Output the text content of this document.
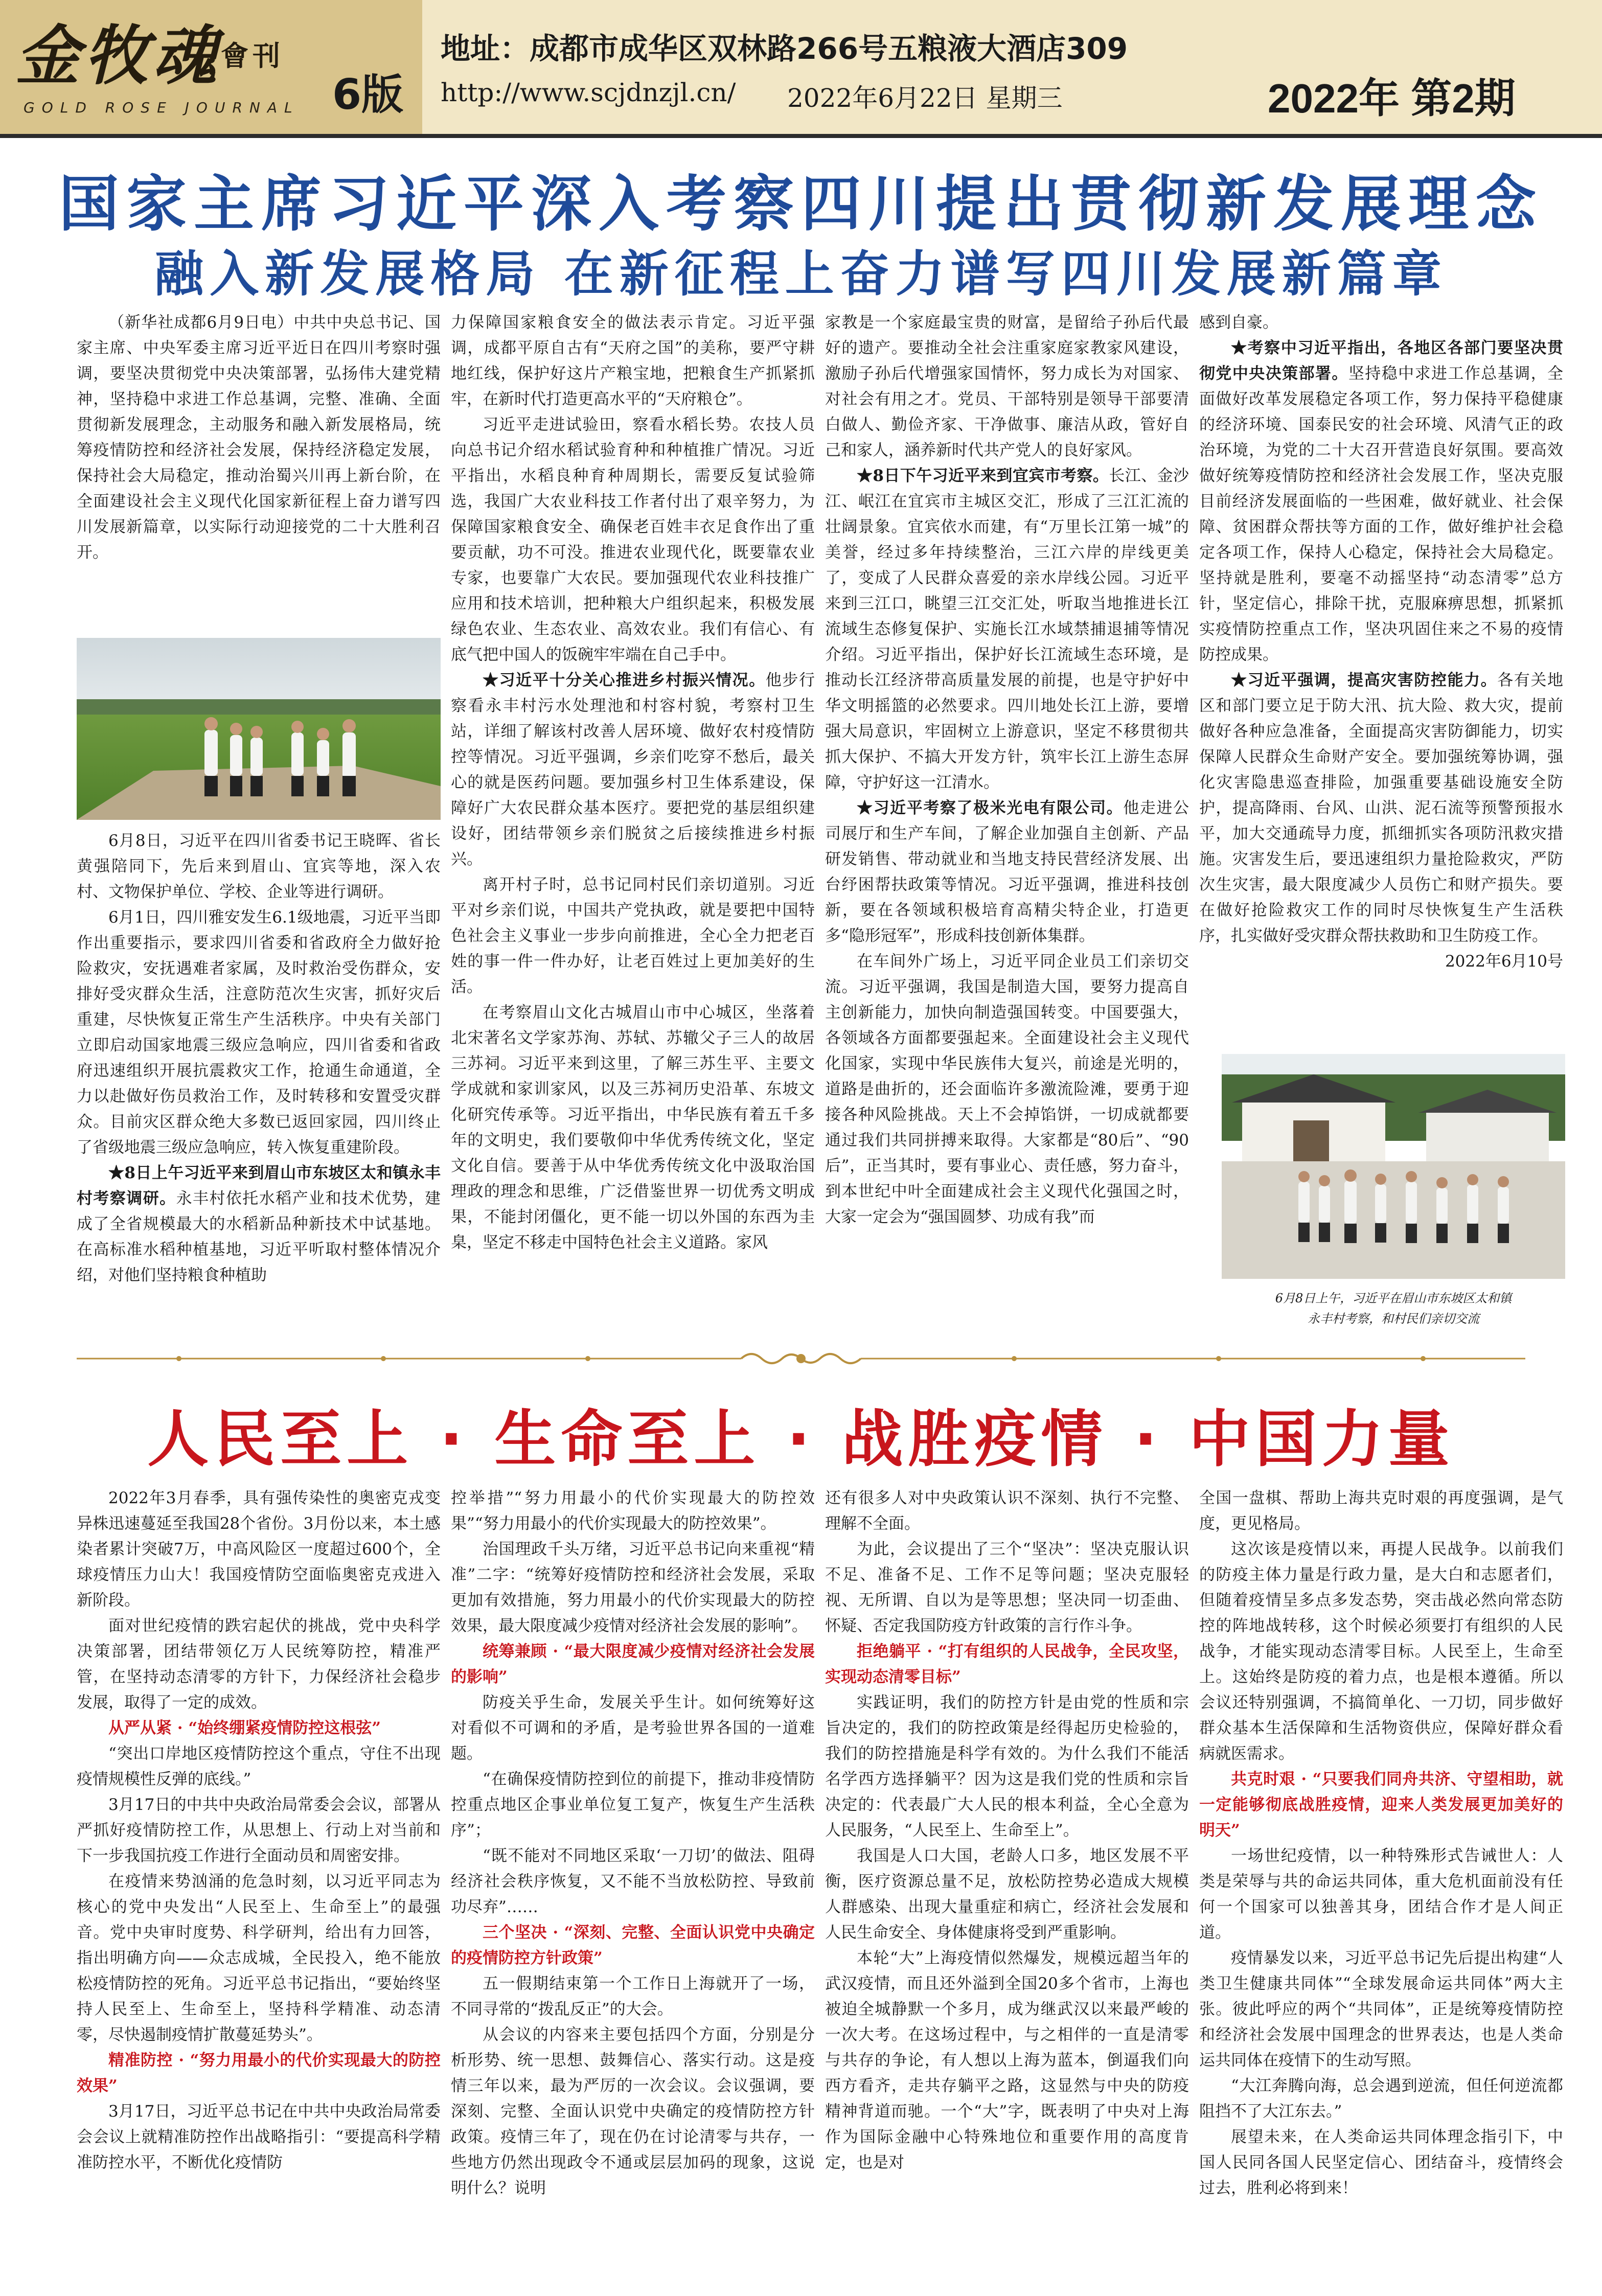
金牧魂$^{會刊}$
GOLD ROSE JOURNAL 6版
地址：成都市成华区双林路266号五粮液大酒店309
http://www.scjdnzjl.cn/ 2022年6月22日 星期三	2022年 第2期
国家主席习近平深入考察四川提出贯彻新发展理念
融入新发展格局 在新征程上奋力谱写四川发展新篇章

（新华社成都6月9日电）中共中央总书记、国家主席、中央军委主席习近平近日在四川考察时强调，要坚决贯彻党中央决策部署，弘扬伟大建党精神，坚持稳中求进工作总基调，完整、准确、全面贯彻新发展理念，主动服务和融入新发展格局，统筹疫情防控和经济社会发展，保持经济稳定发展，保持社会大局稳定，推动治蜀兴川再上新台阶，在全面建设社会主义现代化国家新征程上奋力谱写四川发展新篇章，以实际行动迎接党的二十大胜利召开。

6月8日，习近平在四川省委书记王晓晖、省长黄强陪同下，先后来到眉山、宜宾等地，深入农村、文物保护单位、学校、企业等进行调研。

6月1日，四川雅安发生6.1级地震，习近平当即作出重要指示，要求四川省委和省政府全力做好抢险救灾，安抚遇难者家属，及时救治受伤群众，安排好受灾群众生活，注意防范次生灾害，抓好灾后重建，尽快恢复正常生产生活秩序。中央有关部门立即启动国家地震三级应急响应，四川省委和省政府迅速组织开展抗震救灾工作，抢通生命通道，全力以赴做好伤员救治工作，及时转移和安置受灾群众。目前灾区群众绝大多数已返回家园，四川终止了省级地震三级应急响应，转入恢复重建阶段。

★8日上午习近平来到眉山市东坡区太和镇永丰村考察调研。永丰村依托水稻产业和技术优势，建成了全省规模最大的水稻新品种新技术中试基地。在高标准水稻种植基地，习近平听取村整体情况介绍，对他们坚持粮食种植助

力保障国家粮食安全的做法表示肯定。习近平强调，成都平原自古有“天府之国”的美称，要严守耕地红线，保护好这片产粮宝地，把粮食生产抓紧抓牢，在新时代打造更高水平的“天府粮仓”。

习近平走进试验田，察看水稻长势。农技人员向总书记介绍水稻试验育种和种植推广情况。习近平指出，水稻良种育种周期长，需要反复试验筛选，我国广大农业科技工作者付出了艰辛努力，为保障国家粮食安全、确保老百姓丰衣足食作出了重要贡献，功不可没。推进农业现代化，既要靠农业专家，也要靠广大农民。要加强现代农业科技推广应用和技术培训，把种粮大户组织起来，积极发展绿色农业、生态农业、高效农业。我们有信心、有底气把中国人的饭碗牢牢端在自己手中。

★习近平十分关心推进乡村振兴情况。他步行察看永丰村污水处理池和村容村貌，考察村卫生站，详细了解该村改善人居环境、做好农村疫情防控等情况。习近平强调，乡亲们吃穿不愁后，最关心的就是医药问题。要加强乡村卫生体系建设，保障好广大农民群众基本医疗。要把党的基层组织建设好，团结带领乡亲们脱贫之后接续推进乡村振兴。

离开村子时，总书记同村民们亲切道别。习近平对乡亲们说，中国共产党执政，就是要把中国特色社会主义事业一步步向前推进，全心全力把老百姓的事一件一件办好，让老百姓过上更加美好的生活。

在考察眉山文化古城眉山市中心城区，坐落着北宋著名文学家苏洵、苏轼、苏辙父子三人的故居三苏祠。习近平来到这里，了解三苏生平、主要文学成就和家训家风，以及三苏祠历史沿革、东坡文化研究传承等。习近平指出，中华民族有着五千多年的文明史，我们要敬仰中华优秀传统文化，坚定文化自信。要善于从中华优秀传统文化中汲取治国理政的理念和思维，广泛借鉴世界一切优秀文明成果，不能封闭僵化，更不能一切以外国的东西为圭臬，坚定不移走中国特色社会主义道路。家风

家教是一个家庭最宝贵的财富，是留给子孙后代最好的遗产。要推动全社会注重家庭家教家风建设，激励子孙后代增强家国情怀，努力成长为对国家、对社会有用之才。党员、干部特别是领导干部要清白做人、勤俭齐家、干净做事、廉洁从政，管好自己和家人，涵养新时代共产党人的良好家风。

★8日下午习近平来到宜宾市考察。长江、金沙江、岷江在宜宾市主城区交汇，形成了三江汇流的壮阔景象。宜宾依水而建，有“万里长江第一城”的美誉，经过多年持续整治，三江六岸的岸线更美了，变成了人民群众喜爱的亲水岸线公园。习近平来到三江口，眺望三江交汇处，听取当地推进长江流域生态修复保护、实施长江水域禁捕退捕等情况介绍。习近平指出，保护好长江流域生态环境，是推动长江经济带高质量发展的前提，也是守护好中华文明摇篮的必然要求。四川地处长江上游，要增强大局意识，牢固树立上游意识，坚定不移贯彻共抓大保护、不搞大开发方针，筑牢长江上游生态屏障，守护好这一江清水。

★习近平考察了极米光电有限公司。他走进公司展厅和生产车间，了解企业加强自主创新、产品研发销售、带动就业和当地支持民营经济发展、出台纾困帮扶政策等情况。习近平强调，推进科技创新，要在各领域积极培育高精尖特企业，打造更多“隐形冠军”，形成科技创新体集群。

在车间外广场上，习近平同企业员工们亲切交流。习近平强调，我国是制造大国，要努力提高自主创新能力，加快向制造强国转变。中国要强大，各领域各方面都要强起来。全面建设社会主义现代化国家，实现中华民族伟大复兴，前途是光明的，道路是曲折的，还会面临许多激流险滩，要勇于迎接各种风险挑战。天上不会掉馅饼，一切成就都要通过我们共同拼搏来取得。大家都是“80后”、“90后”，正当其时，要有事业心、责任感，努力奋斗，到本世纪中叶全面建成社会主义现代化强国之时，大家一定会为“强国圆梦、功成有我”而

感到自豪。

★考察中习近平指出，各地区各部门要坚决贯彻党中央决策部署。坚持稳中求进工作总基调，全面做好改革发展稳定各项工作，努力保持平稳健康的经济环境、国泰民安的社会环境、风清气正的政治环境，为党的二十大召开营造良好氛围。要高效做好统筹疫情防控和经济社会发展工作，坚决克服目前经济发展面临的一些困难，做好就业、社会保障、贫困群众帮扶等方面的工作，做好维护社会稳定各项工作，保持人心稳定，保持社会大局稳定。坚持就是胜利，要毫不动摇坚持“动态清零”总方针，坚定信心，排除干扰，克服麻痹思想，抓紧抓实疫情防控重点工作，坚决巩固住来之不易的疫情防控成果。

★习近平强调，提高灾害防控能力。各有关地区和部门要立足于防大汛、抗大险、救大灾，提前做好各种应急准备，全面提高灾害防御能力，切实保障人民群众生命财产安全。要加强统筹协调，强化灾害隐患巡查排险，加强重要基础设施安全防护，提高降雨、台风、山洪、泥石流等预警预报水平，加大交通疏导力度，抓细抓实各项防汛救灾措施。灾害发生后，要迅速组织力量抢险救灾，严防次生灾害，最大限度减少人员伤亡和财产损失。要在做好抢险救灾工作的同时尽快恢复生产生活秩序，扎实做好受灾群众帮扶救助和卫生防疫工作。

2022年6月10号

6月8日上午，习近平在眉山市东坡区太和镇
永丰村考察，和村民们亲切交流
人民至上 · 生命至上 · 战胜疫情 · 中国力量

2022年3月春季，具有强传染性的奥密克戎变异株迅速蔓延至我国28个省份。3月份以来，本土感染者累计突破7万，中高风险区一度超过600个，全球疫情压力山大！我国疫情防空面临奥密克戎进入新阶段。

面对世纪疫情的跌宕起伏的挑战，党中央科学决策部署，团结带领亿万人民统筹防控，精准严管，在坚持动态清零的方针下，力保经济社会稳步发展，取得了一定的成效。

从严从紧 · “始终绷紧疫情防控这根弦”

“突出口岸地区疫情防控这个重点，守住不出现疫情规模性反弹的底线。”

3月17日的中共中央政治局常委会会议，部署从严抓好疫情防控工作，从思想上、行动上对当前和下一步我国抗疫工作进行全面动员和周密安排。

在疫情来势汹涌的危急时刻，以习近平同志为核心的党中央发出“人民至上、生命至上”的最强音。党中央审时度势、科学研判，给出有力回答，指出明确方向——众志成城，全民投入，绝不能放松疫情防控的死角。习近平总书记指出，“要始终坚持人民至上、生命至上，坚持科学精准、动态清零，尽快遏制疫情扩散蔓延势头”。

精准防控 · “努力用最小的代价实现最大的防控效果”

3月17日，习近平总书记在中共中央政治局常委会会议上就精准防控作出战略指引：“要提高科学精准防控水平，不断优化疫情防

控举措”“努力用最小的代价实现最大的防控效果”“努力用最小的代价实现最大的防控效果”。

治国理政千头万绪，习近平总书记向来重视“精准”二字：“统筹好疫情防控和经济社会发展，采取更加有效措施，努力用最小的代价实现最大的防控效果，最大限度减少疫情对经济社会发展的影响”。

统筹兼顾 · “最大限度减少疫情对经济社会发展的影响”

防疫关乎生命，发展关乎生计。如何统筹好这对看似不可调和的矛盾，是考验世界各国的一道难题。

“在确保疫情防控到位的前提下，推动非疫情防控重点地区企事业单位复工复产，恢复生产生活秩序”；

“既不能对不同地区采取‘一刀切’的做法、阻碍经济社会秩序恢复，又不能不当放松防控、导致前功尽弃”……

三个坚决 · “深刻、完整、全面认识党中央确定的疫情防控方针政策”

五一假期结束第一个工作日上海就开了一场，不同寻常的“拨乱反正”的大会。

从会议的内容来主要包括四个方面，分别是分析形势、统一思想、鼓舞信心、落实行动。这是疫情三年以来，最为严厉的一次会议。会议强调，要深刻、完整、全面认识党中央确定的疫情防控方针政策。疫情三年了，现在仍在讨论清零与共存，一些地方仍然出现政令不通或层层加码的现象，这说明什么？说明

还有很多人对中央政策认识不深刻、执行不完整、理解不全面。

为此，会议提出了三个“坚决”：坚决克服认识不足、准备不足、工作不足等问题；坚决克服轻视、无所谓、自以为是等思想；坚决同一切歪曲、怀疑、否定我国防疫方针政策的言行作斗争。

拒绝躺平 · “打有组织的人民战争，全民攻坚，实现动态清零目标”

实践证明，我们的防控方针是由党的性质和宗旨决定的，我们的防控政策是经得起历史检验的，我们的防控措施是科学有效的。为什么我们不能活名学西方选择躺平？因为这是我们党的性质和宗旨决定的：代表最广大人民的根本利益，全心全意为人民服务，“人民至上、生命至上”。

我国是人口大国，老龄人口多，地区发展不平衡，医疗资源总量不足，放松防控势必造成大规模人群感染、出现大量重症和病亡，经济社会发展和人民生命安全、身体健康将受到严重影响。

本轮“大”上海疫情似然爆发，规模远超当年的武汉疫情，而且还外溢到全国20多个省市，上海也被迫全城静默一个多月，成为继武汉以来最严峻的一次大考。在这场过程中，与之相伴的一直是清零与共存的争论，有人想以上海为蓝本，倒逼我们向西方看齐，走共存躺平之路，这显然与中央的防疫精神背道而驰。一个“大”字，既表明了中央对上海作为国际金融中心特殊地位和重要作用的高度肯定，也是对

全国一盘棋、帮助上海共克时艰的再度强调，是气度，更见格局。

这次该是疫情以来，再提人民战争。以前我们的防疫主体力量是行政力量，是大白和志愿者们，但随着疫情呈多点多发态势，突击战必然向常态防控的阵地战转移，这个时候必须要打有组织的人民战争，才能实现动态清零目标。人民至上，生命至上。这始终是防疫的着力点，也是根本遵循。所以会议还特别强调，不搞简单化、一刀切，同步做好群众基本生活保障和生活物资供应，保障好群众看病就医需求。

共克时艰 · “只要我们同舟共济、守望相助，就一定能够彻底战胜疫情，迎来人类发展更加美好的明天”

一场世纪疫情，以一种特殊形式告诫世人：人类是荣辱与共的命运共同体，重大危机面前没有任何一个国家可以独善其身，团结合作才是人间正道。

疫情暴发以来，习近平总书记先后提出构建“人类卫生健康共同体”“全球发展命运共同体”两大主张。彼此呼应的两个“共同体”，正是统筹疫情防控和经济社会发展中国理念的世界表达，也是人类命运共同体在疫情下的生动写照。

“大江奔腾向海，总会遇到逆流，但任何逆流都阻挡不了大江东去。”

展望未来，在人类命运共同体理念指引下，中国人民同各国人民坚定信心、团结奋斗，疫情终会过去，胜利必将到来！
